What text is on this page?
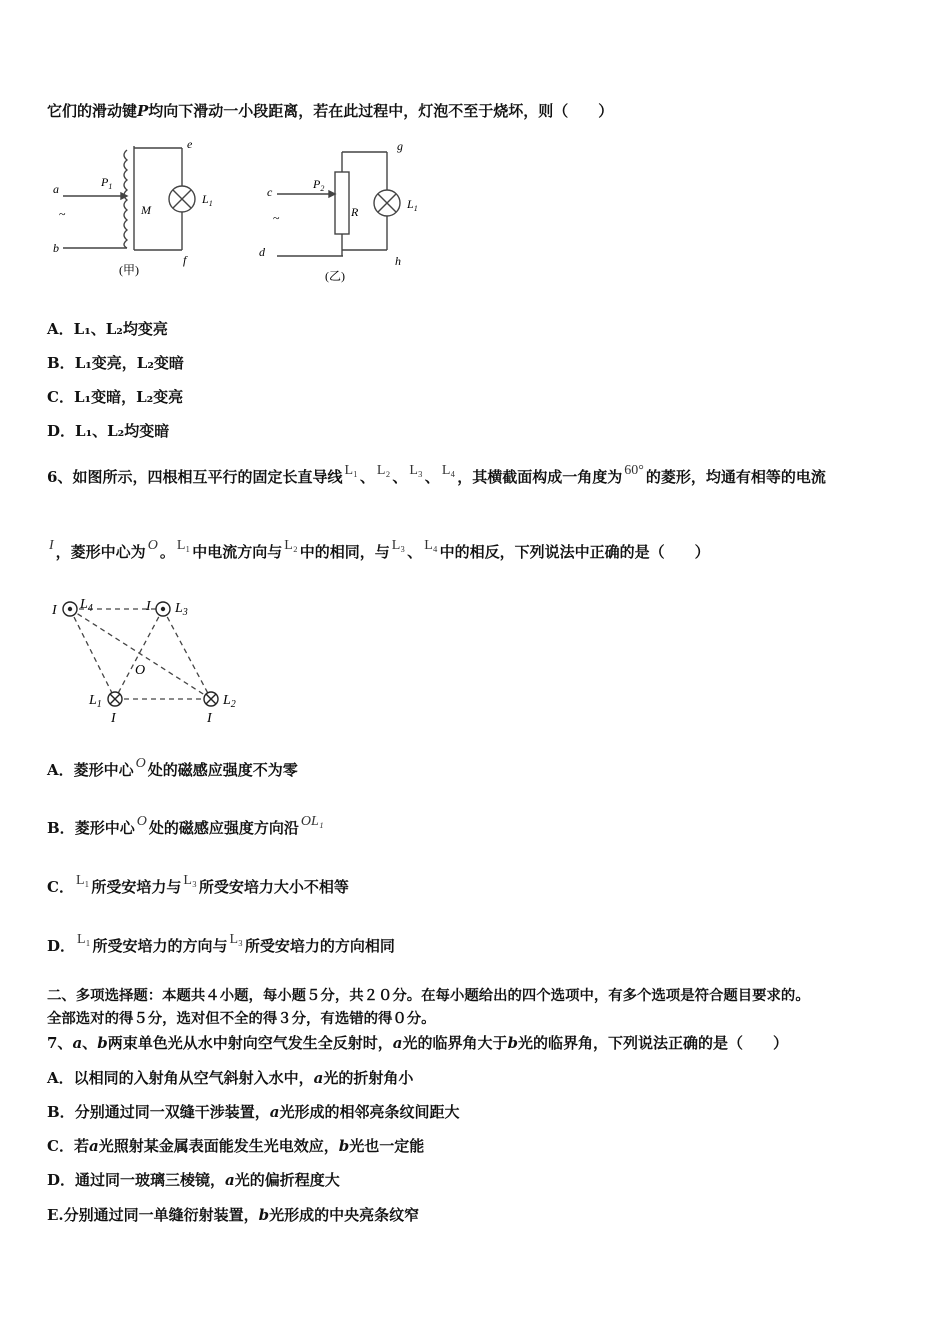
它们的滑动键P均向下滑动一小段距离，若在此过程中，灯泡不至于烧坏，则（　　）
a
~
b
$P_1$
M
e
$L_1$
f
(甲)
c
~
d
$P_2$
R
g
$L_1$
h
(乙)
A．L₁、L₂均变亮
B．L₁变亮，L₂变暗
C．L₁变暗，L₂变亮
D．L₁、L₂均变暗
6、如图所示，四根相互平行的固定长直导线 L₁ 、 L₂ 、 L₃ 、 L₄ ，其横截面构成一角度为 60° 的菱形，均通有相等的电流
I ，菱形中心为 O 。 L₁ 中电流方向与 L₂ 中的相同，与 L₃ 、 L₄ 中的相反，下列说法中正确的是（　　）
I $L_4$	I $L_3$
O
$L_1$
I
$L_2$
I
A．菱形中心 O 处的磁感应强度不为零
B．菱形中心 O 处的磁感应强度方向沿 OL₁
C． L₁ 所受安培力与 L₃ 所受安培力大小不相等
D． L₁ 所受安培力的方向与 L₃ 所受安培力的方向相同
二、多项选择题：本题共４小题，每小题５分，共２０分。在每小题给出的四个选项中，有多个选项是符合题目要求的。
全部选对的得５分，选对但不全的得３分，有选错的得０分。
7、a、b两束单色光从水中射向空气发生全反射时，a光的临界角大于b光的临界角，下列说法正确的是（　　）
A．以相同的入射角从空气斜射入水中，a光的折射角小
B．分别通过同一双缝干涉装置，a光形成的相邻亮条纹间距大
C．若a光照射某金属表面能发生光电效应，b光也一定能
D．通过同一玻璃三棱镜，a光的偏折程度大
E.分别通过同一单缝衍射装置，b光形成的中央亮条纹窄
